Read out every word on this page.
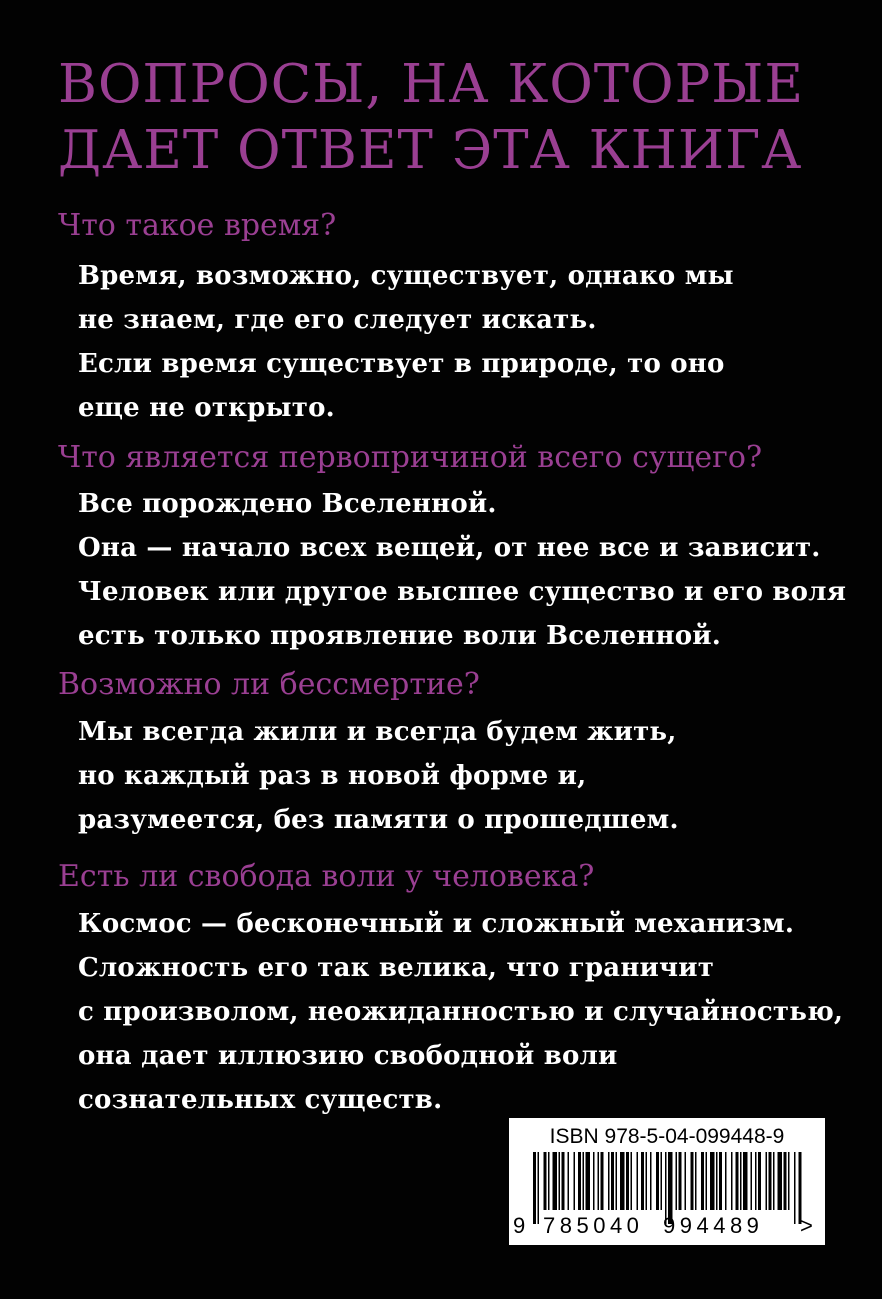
ВОПРОСЫ, НА КОТОРЫЕ
ДАЕТ ОТВЕТ ЭТА КНИГА
Что такое время?
Время, возможно, существует, однако мы
не знаем, где его следует искать.
Если время существует в природе, то оно
еще не открыто.
Что является первопричиной всего сущего?
Все порождено Вселенной.
Она — начало всех вещей, от нее все и зависит.
Человек или другое высшее существо и его воля
есть только проявление воли Вселенной.
Возможно ли бессмертие?
Мы всегда жили и всегда будем жить,
но каждый раз в новой форме и,
разумеется, без памяти о прошедшем.
Есть ли свобода воли у человека?
Космос — бесконечный и сложный механизм.
Сложность его так велика, что граничит
с произволом, неожиданностью и случайностью,
она дает иллюзию свободной воли
сознательных существ.
ISBN 978-5-04-099448-9
9 785040 994489 >
